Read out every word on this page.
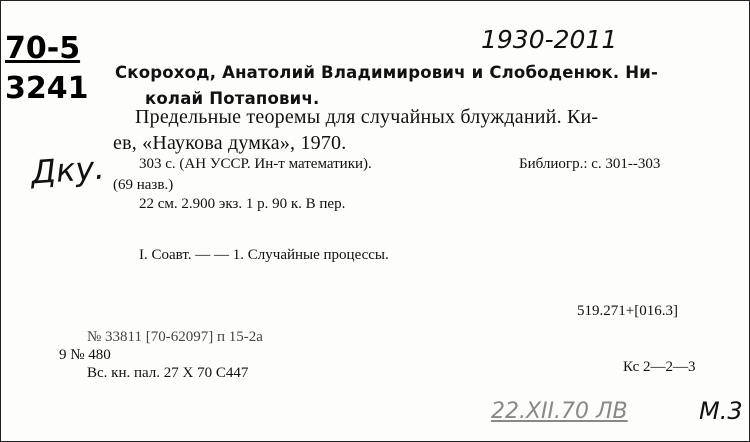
70-5
3241
1930-2011
Дку.
Скороход, Анатолий Владимирович и Слободенюк. Ни-
колай Потапович.
Предельные теоремы для случайных блужданий. Ки-
ев, «Наукова думка», 1970.
303 с. (АН УССР. Ин-т математики).	Библиогр.: с. 301--303
(69 назв.)
22 см. 2.900 экз. 1 р. 90 к. В пер.
I. Соавт. — — 1. Случайные процессы.
519.271+[016.3]
№ 33811 [70-62097] п 15-2а
9 № 480
Вс. кн. пал. 27 Х 70 С447	Кс 2—2—3
22.ХII.70 ЛВ	М.3
